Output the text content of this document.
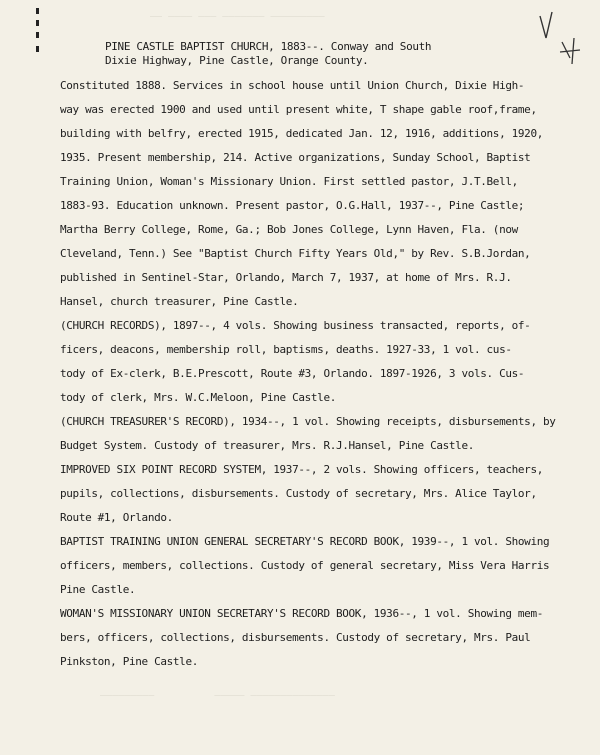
_________ _______ ___ ____ __
______________ _____          _________
PINE CASTLE BAPTIST CHURCH, 1883--. Conway and South
Dixie Highway, Pine Castle, Orange County.
Constituted 1888. Services in school house until Union Church, Dixie High-
way was erected 1900 and used until present white, T shape gable roof,frame,
building with belfry, erected 1915, dedicated Jan. 12, 1916, additions, 1920,
1935. Present membership, 214. Active organizations, Sunday School, Baptist
Training Union, Woman's Missionary Union. First settled pastor, J.T.Bell,
1883-93. Education unknown. Present pastor, O.G.Hall, 1937--, Pine Castle;
Martha Berry College, Rome, Ga.; Bob Jones College, Lynn Haven, Fla. (now
Cleveland, Tenn.) See "Baptist Church Fifty Years Old," by Rev. S.B.Jordan,
published in Sentinel-Star, Orlando, March 7, 1937, at home of Mrs. R.J.
Hansel, church treasurer, Pine Castle.
(CHURCH RECORDS), 1897--, 4 vols. Showing business transacted, reports, of-
ficers, deacons, membership roll, baptisms, deaths. 1927-33, 1 vol. cus-
tody of Ex-clerk, B.E.Prescott, Route #3, Orlando. 1897-1926, 3 vols. Cus-
tody of clerk, Mrs. W.C.Meloon, Pine Castle.
(CHURCH TREASURER'S RECORD), 1934--, 1 vol. Showing receipts, disbursements, by
Budget System. Custody of treasurer, Mrs. R.J.Hansel, Pine Castle.
IMPROVED SIX POINT RECORD SYSTEM, 1937--, 2 vols. Showing officers, teachers,
pupils, collections, disbursements. Custody of secretary, Mrs. Alice Taylor,
Route #1, Orlando.
BAPTIST TRAINING UNION GENERAL SECRETARY'S RECORD BOOK, 1939--, 1 vol. Showing
officers, members, collections. Custody of general secretary, Miss Vera Harris
Pine Castle.
WOMAN'S MISSIONARY UNION SECRETARY'S RECORD BOOK, 1936--, 1 vol. Showing mem-
bers, officers, collections, disbursements. Custody of secretary, Mrs. Paul
Pinkston, Pine Castle.
